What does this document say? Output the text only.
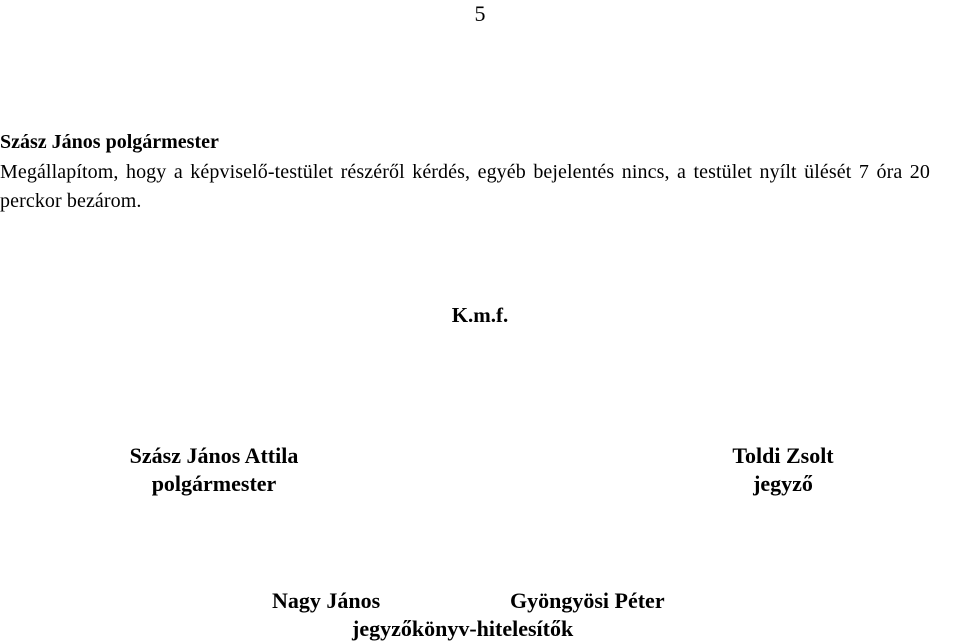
5
Szász János polgármester
Megállapítom, hogy a képviselő-testület részéről kérdés, egyéb bejelentés nincs, a testület nyílt ülését 7 óra 20 perckor bezárom.
K.m.f.
Szász János Attila
polgármester
Toldi Zsolt
jegyző
Nagy János	Gyöngyösi Péter
jegyzőkönyv-hitelesítők
